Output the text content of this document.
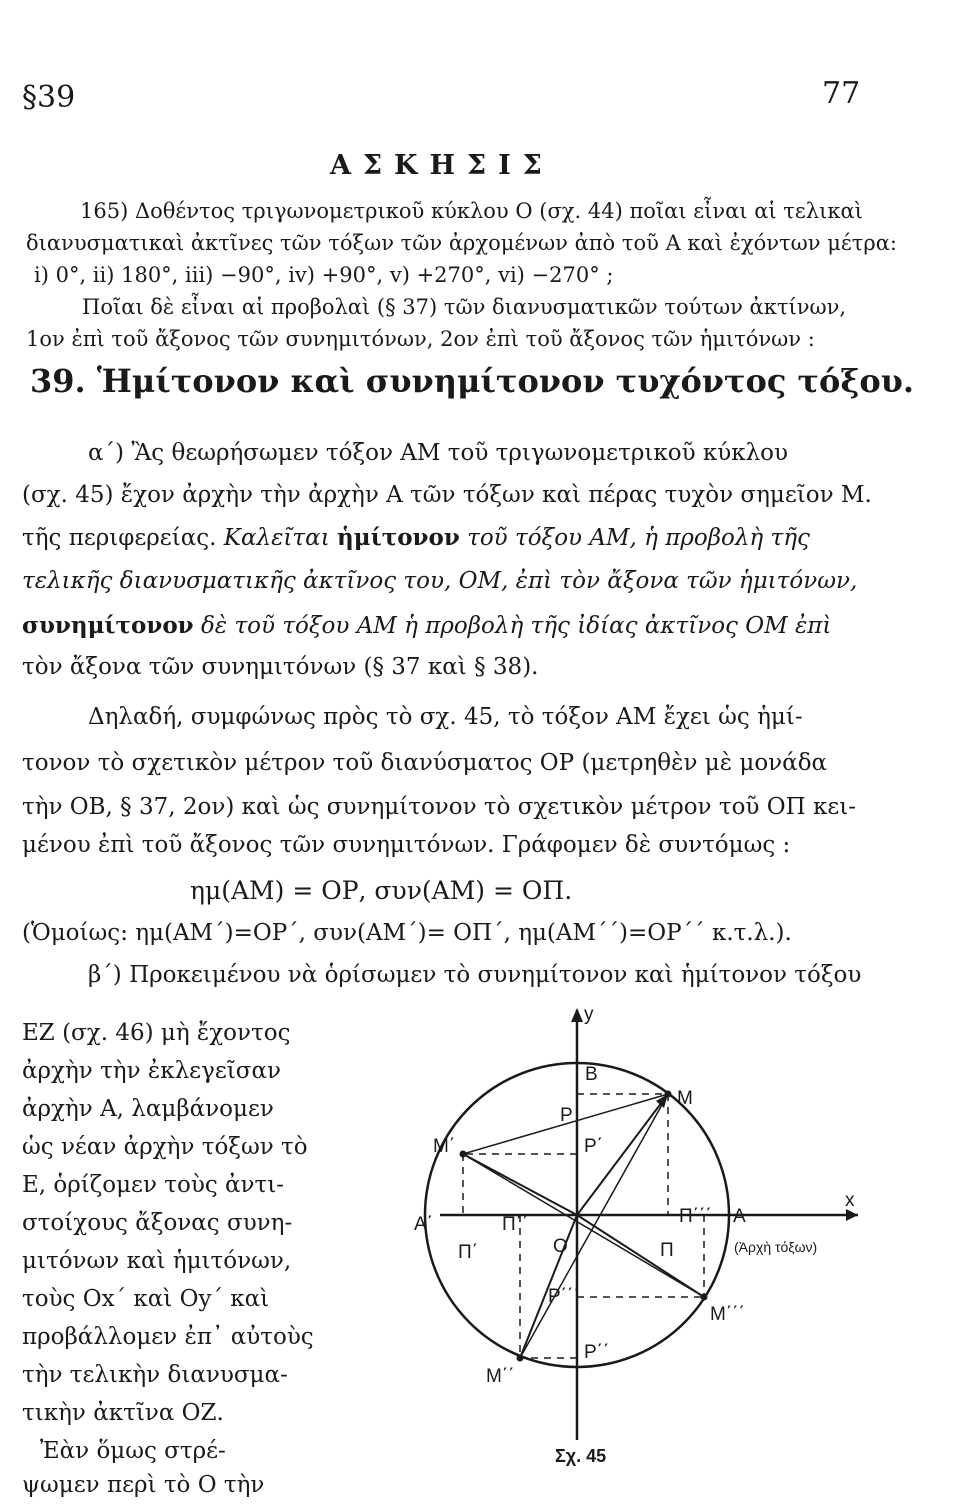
§39	77
ΑΣΚΗΣΙΣ
165) Δοθέντος τριγωνομετρικοῦ κύκλου Ο (σχ. 44) ποῖαι εἶναι αἱ τελικαὶ
διανυσματικαὶ ἀκτῖνες τῶν τόξων τῶν ἀρχομένων ἀπὸ τοῦ Α καὶ ἐχόντων μέτρα:
i) 0°, ii) 180°, iii) −90°, iv) +90°, v) +270°, vi) −270° ;
Ποῖαι δὲ εἶναι αἱ προβολαὶ (§ 37) τῶν διανυσματικῶν τούτων ἀκτίνων,
1ον ἐπὶ τοῦ ἄξονος τῶν συνημιτόνων, 2ον ἐπὶ τοῦ ἄξονος τῶν ἡμιτόνων :
39. Ἡμίτονον καὶ συνημίτονον τυχόντος τόξου.
α΄) Ἂς θεωρήσωμεν τόξον ΑΜ τοῦ τριγωνομετρικοῦ κύκλου
(σχ. 45) ἔχον ἀρχὴν τὴν ἀρχὴν Α τῶν τόξων καὶ πέρας τυχὸν σημεῖον Μ.
τῆς περιφερείας. Καλεῖται ἡμίτονον τοῦ τόξου ΑΜ, ἡ προβολὴ τῆς
τελικῆς διανυσματικῆς ἀκτῖνος του, ΟΜ, ἐπὶ τὸν ἄξονα τῶν ἡμιτόνων,
συνημίτονον δὲ τοῦ τόξου ΑΜ ἡ προβολὴ τῆς ἰδίας ἀκτῖνος ΟΜ ἐπὶ
τὸν ἄξονα τῶν συνημιτόνων (§ 37 καὶ § 38).
Δηλαδή, συμφώνως πρὸς τὸ σχ. 45, τὸ τόξον ΑΜ ἔχει ὡς ἡμί-
τονον τὸ σχετικὸν μέτρον τοῦ διανύσματος ΟΡ (μετρηθὲν μὲ μονάδα
τὴν ΟΒ, § 37, 2ον) καὶ ὡς συνημίτονον τὸ σχετικὸν μέτρον τοῦ ΟΠ κει-
μένου ἐπὶ τοῦ ἄξονος τῶν συνημιτόνων. Γράφομεν δὲ συντόμως :
ημ(ΑΜ) = ΟΡ, συν(ΑΜ) = ΟΠ.
(Ὁμοίως: ημ(ΑΜ΄)=ΟΡ΄, συν(ΑΜ΄)= ΟΠ΄, ημ(ΑΜ΄΄)=ΟΡ΄΄ κ.τ.λ.).
β΄) Προκειμένου νὰ ὁρίσωμεν τὸ συνημίτονον καὶ ἡμίτονον τόξου
ΕΖ (σχ. 46) μὴ ἔχοντος
ἀρχὴν τὴν ἐκλεγεῖσαν
ἀρχὴν Α, λαμβάνομεν
ὡς νέαν ἀρχὴν τόξων τὸ
Ε, ὁρίζομεν τοὺς ἀντι-
στοίχους ἄξονας συνη-
μιτόνων καὶ ἡμιτόνων,
τοὺς Οx΄ καὶ Οy΄ καὶ
προβάλλομεν ἐπ᾽ αὐτοὺς
τὴν τελικὴν διανυσμα-
τικὴν ἀκτῖνα ΟΖ.
Ἐὰν ὅμως στρέ-
ψωμεν περὶ τὸ Ο τὴν
y
x
B
P
M
M΄	P΄
A΄	Π΄΄	Π΄΄΄ A
Π΄	O	Π	(Ἀρχὴ τόξων)
P΄΄΄
M΄΄΄
P΄΄
M΄΄
Σχ. 45
